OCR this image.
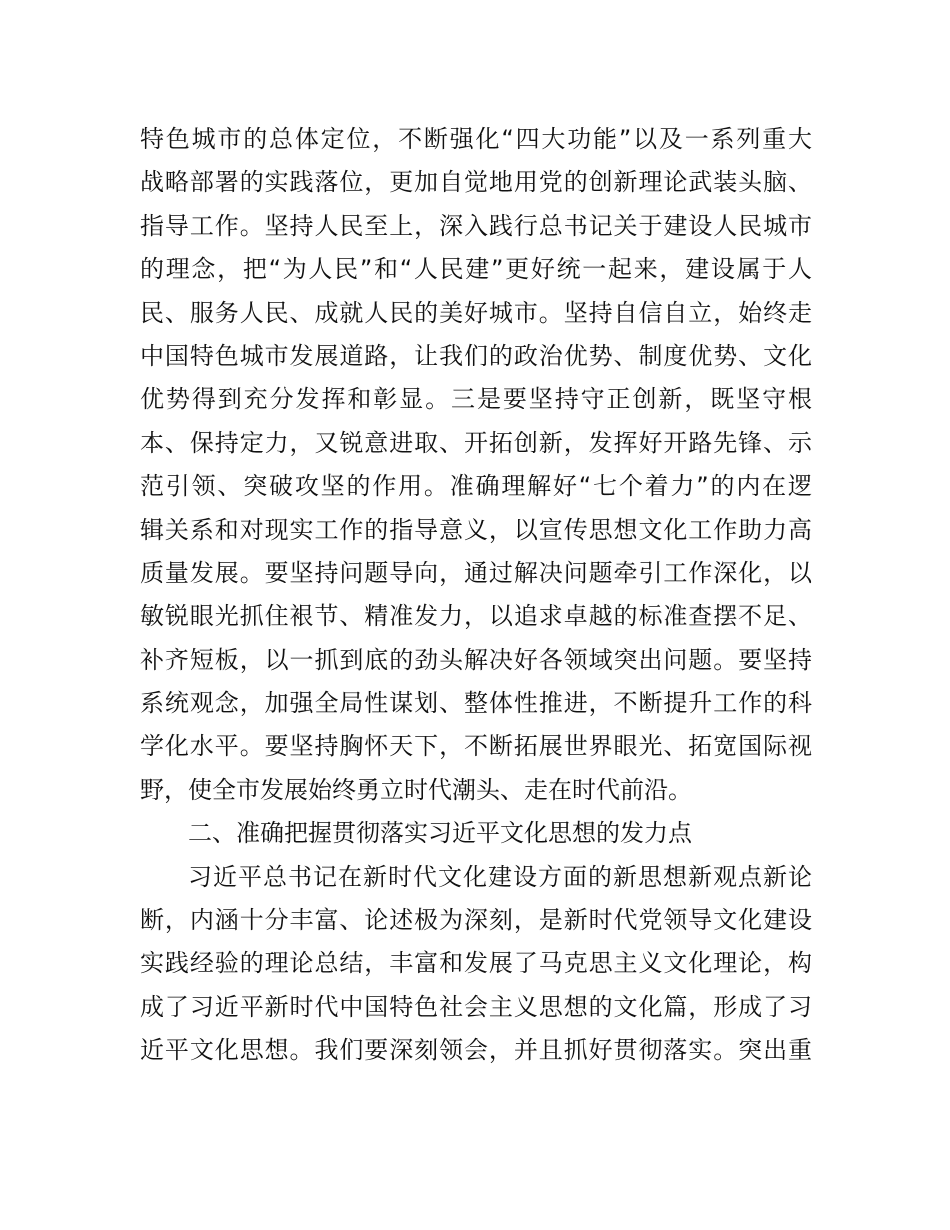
特色城市的总体定位，不断强化“四大功能”以及一系列重大
战略部署的实践落位，更加自觉地用党的创新理论武装头脑、
指导工作。坚持人民至上，深入践行总书记关于建设人民城市
的理念，把“为人民”和“人民建”更好统一起来，建设属于人
民、服务人民、成就人民的美好城市。坚持自信自立，始终走
中国特色城市发展道路，让我们的政治优势、制度优势、文化
优势得到充分发挥和彰显。三是要坚持守正创新，既坚守根
本、保持定力，又锐意进取、开拓创新，发挥好开路先锋、示
范引领、突破攻坚的作用。准确理解好“七个着力”的内在逻
辑关系和对现实工作的指导意义，以宣传思想文化工作助力高
质量发展。要坚持问题导向，通过解决问题牵引工作深化，以
敏锐眼光抓住裉节、精准发力，以追求卓越的标准查摆不足、
补齐短板，以一抓到底的劲头解决好各领域突出问题。要坚持
系统观念，加强全局性谋划、整体性推进，不断提升工作的科
学化水平。要坚持胸怀天下，不断拓展世界眼光、拓宽国际视
野，使全市发展始终勇立时代潮头、走在时代前沿。
二、准确把握贯彻落实习近平文化思想的发力点
习近平总书记在新时代文化建设方面的新思想新观点新论
断，内涵十分丰富、论述极为深刻，是新时代党领导文化建设
实践经验的理论总结，丰富和发展了马克思主义文化理论，构
成了习近平新时代中国特色社会主义思想的文化篇，形成了习
近平文化思想。我们要深刻领会，并且抓好贯彻落实。突出重
